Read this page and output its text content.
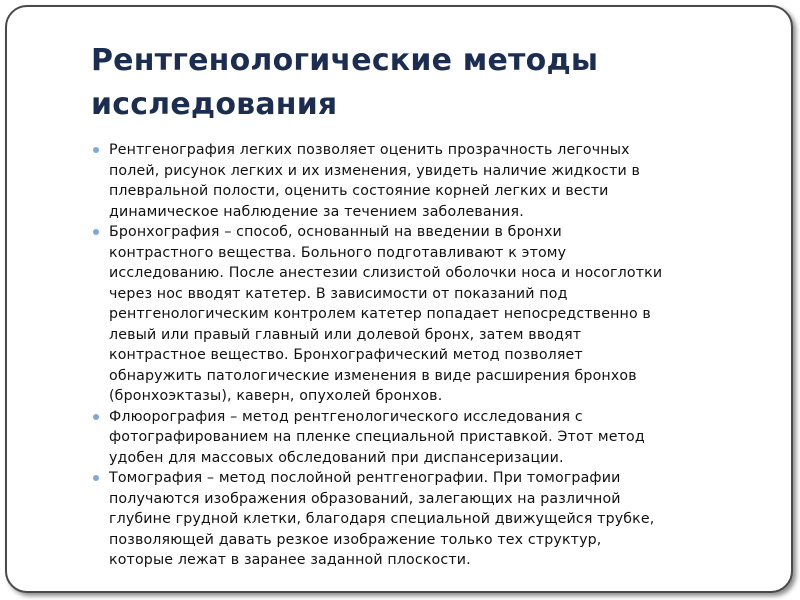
Рентгенологические методы
исследования
Рентгенография легких позволяет оценить прозрачность легочных
полей, рисунок легких и их изменения, увидеть наличие жидкости в
плевральной полости, оценить состояние корней легких и вести
динамическое наблюдение за течением заболевания.
Бронхография – способ, основанный на введении в бронхи
контрастного вещества. Больного подготавливают к этому
исследованию. После анестезии слизистой оболочки носа и носоглотки
через нос вводят катетер. В зависимости от показаний под
рентгенологическим контролем катетер попадает непосредственно в
левый или правый главный или долевой бронх, затем вводят
контрастное вещество. Бронхографический метод позволяет
обнаружить патологические изменения в виде расширения бронхов
(бронхоэктазы), каверн, опухолей бронхов.
Флюорография – метод рентгенологического исследования с
фотографированием на пленке специальной приставкой. Этот метод
удобен для массовых обследований при диспансеризации.
Томография – метод послойной рентгенографии. При томографии
получаются изображения образований, залегающих на различной
глубине грудной клетки, благодаря специальной движущейся трубке,
позволяющей давать резкое изображение только тех структур,
которые лежат в заранее заданной плоскости.
